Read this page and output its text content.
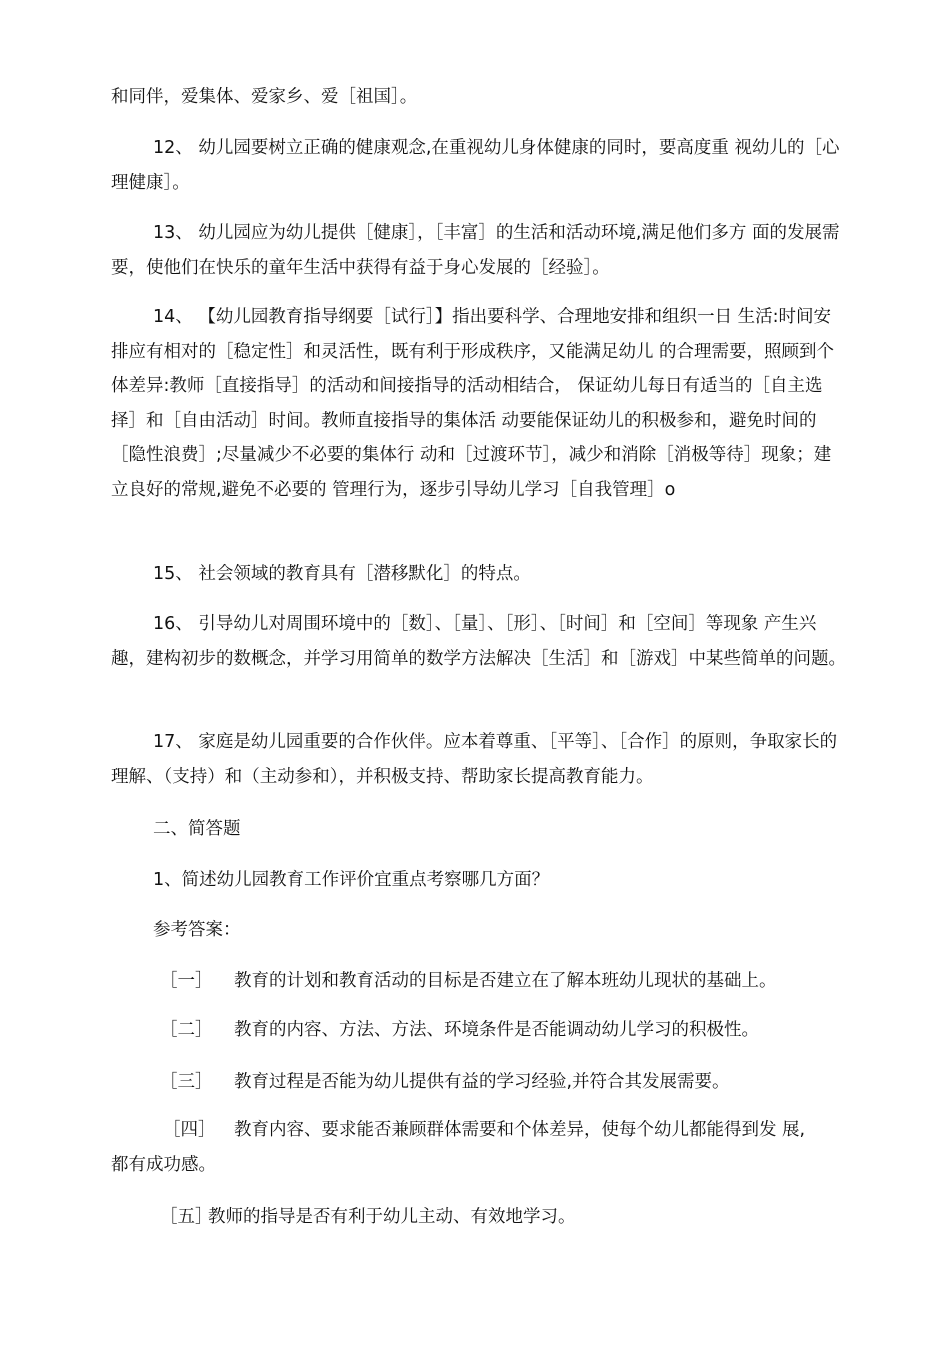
和同伴，爱集体、爱家乡、爱［祖国］。
12、 幼儿园要树立正确的健康观念,在重视幼儿身体健康的同时，要高度重 视幼儿的［心理健康］。
13、 幼儿园应为幼儿提供［健康］，［丰富］的生活和活动环境,满足他们多方 面的发展需要，使他们在快乐的童年生活中获得有益于身心发展的［经验］。
14、 【幼儿园教育指导纲要［试行］】指出要科学、合理地安排和组织一日 生活:时间安排应有相对的［稳定性］和灵活性，既有利于形成秩序，又能满足幼儿 的合理需要，照顾到个体差异:教师［直接指导］的活动和间接指导的活动相结合， 保证幼儿每日有适当的［自主选择］和［自由活动］时间。教师直接指导的集体活 动要能保证幼儿的积极参和，避免时间的［隐性浪费］;尽量减少不必要的集体行 动和［过渡环节］，减少和消除［消极等待］现象；建立良好的常规,避免不必要的 管理行为，逐步引导幼儿学习［自我管理］o
15、 社会领域的教育具有［潜移默化］的特点。
16、 引导幼儿对周围环境中的［数］、［量］、［形］、［时间］和［空间］等现象 产生兴趣，建构初步的数概念，并学习用简单的数学方法解决［生活］和［游戏］中某些简单的问题。
17、 家庭是幼儿园重要的合作伙伴。应本着尊重、［平等］、［合作］的原则，争取家长的理解、（支持）和（主动参和），并积极支持、帮助家长提高教育能力。
二、简答题
1、简述幼儿园教育工作评价宜重点考察哪几方面？
参考答案：
［一］ 教育的计划和教育活动的目标是否建立在了解本班幼儿现状的基础上。
［二］ 教育的内容、方法、方法、环境条件是否能调动幼儿学习的积极性。
［三］ 教育过程是否能为幼儿提供有益的学习经验,并符合其发展需要。
［四］ 教育内容、要求能否兼顾群体需要和个体差异，使每个幼儿都能得到发 展,
都有成功感。
［五］教师的指导是否有利于幼儿主动、有效地学习。
